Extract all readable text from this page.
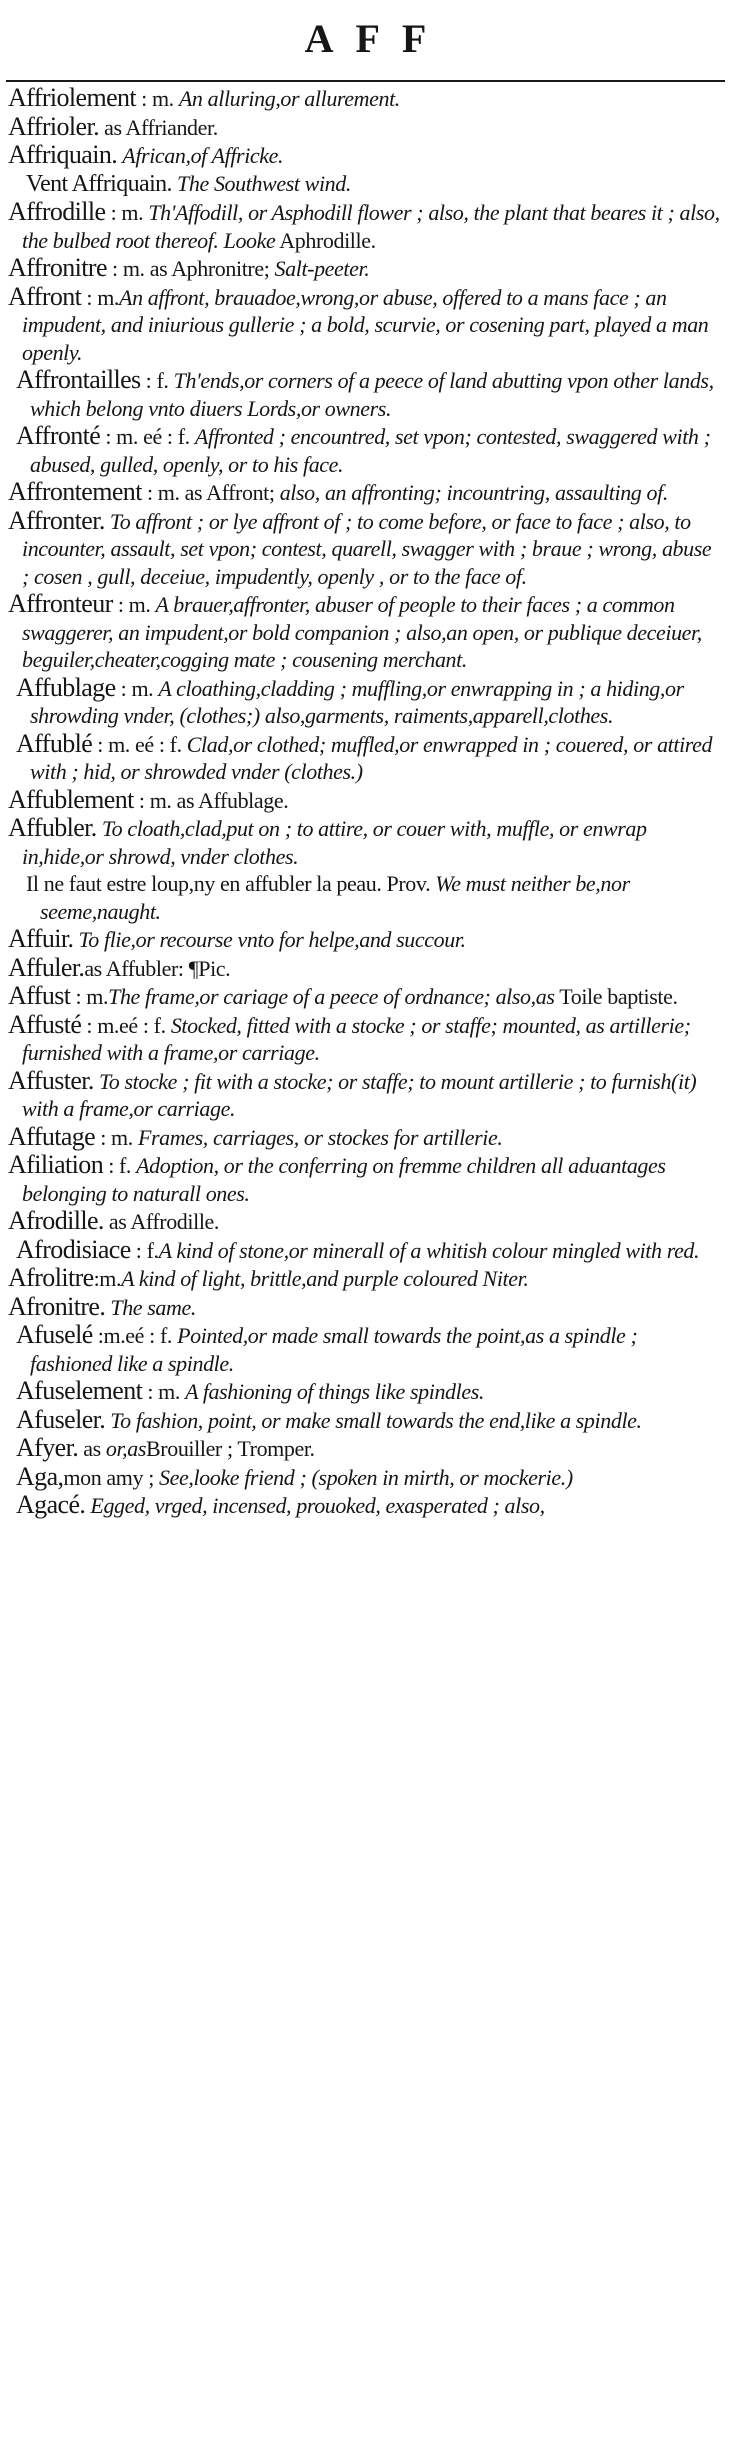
AFF
Affriolement : m. An alluring,or allurement.
Affrioler. as Affriander.
Affriquain. African,of Affricke.
Vent Affriquain. The Southwest wind.
Affrodille : m. Th'Affodill, or Asphodill flower ; also, the plant that beares it ; also, the bulbed root thereof. Looke Aphrodille.
Affronitre : m. as Aphronitre; Salt-peeter.
Affront : m.An affront, brauadoe,wrong,or abuse, offered to a mans face ; an impudent, and iniurious gullerie ; a bold, scurvie, or cosening part, played a man openly.
Affrontailles : f. Th'ends,or corners of a peece of land abutting vpon other lands, which belong vnto diuers Lords,or owners.
Affronté : m. eé : f. Affronted ; encountred, set vpon; contested, swaggered with ; abused, gulled, openly, or to his face.
Affrontement : m. as Affront; also, an affronting; incountring, assaulting of.
Affronter. To affront ; or lye affront of ; to come before, or face to face ; also, to incounter, assault, set vpon; contest, quarell, swagger with ; braue ; wrong, abuse ; cosen , gull, deceiue, impudently, openly , or to the face of.
Affronteur : m. A brauer,affronter, abuser of people to their faces ; a common swaggerer, an impudent,or bold companion ; also,an open, or publique deceiuer, beguiler,cheater,cogging mate ; cousening merchant.
Affublage : m. A cloathing,cladding ; muffling,or enwrapping in ; a hiding,or shrowding vnder, (clothes;) also,garments, raiments,apparell,clothes.
Affublé : m. eé : f. Clad,or clothed; muffled,or enwrapped in ; couered, or attired with ; hid, or shrowded vnder (clothes.)
Affublement : m. as Affublage.
Affubler. To cloath,clad,put on ; to attire, or couer with, muffle, or enwrap in,hide,or shrowd, vnder clothes.
Il ne faut estre loup,ny en affubler la peau. Prov. We must neither be,nor seeme,naught.
Affuir. To flie,or recourse vnto for helpe,and succour.
Affuler.as Affubler: ¶Pic.
Affust : m.The frame,or cariage of a peece of ordnance; also,as Toile baptiste.
Affusté : m.eé : f. Stocked, fitted with a stocke ; or staffe; mounted, as artillerie; furnished with a frame,or carriage.
Affuster. To stocke ; fit with a stocke; or staffe; to mount artillerie ; to furnish(it) with a frame,or carriage.
Affutage : m. Frames, carriages, or stockes for artillerie.
Afiliation : f. Adoption, or the conferring on fremme children all aduantages belonging to naturall ones.
Afrodille. as Affrodille.
Afrodisiace : f.A kind of stone,or minerall of a whitish colour mingled with red.
Afrolitre:m.A kind of light, brittle,and purple coloured Niter.
Afronitre. The same.
Afuselé :m.eé : f. Pointed,or made small towards the point,as a spindle ; fashioned like a spindle.
Afuselement : m. A fashioning of things like spindles.
Afuseler. To fashion, point, or make small towards the end,like a spindle.
Afyer. as or,asBrouiller ; Tromper.
Aga,mon amy ; See,looke friend ; (spoken in mirth, or mockerie.)
Agacé. Egged, vrged, incensed, prouoked, exasperated ; also,
